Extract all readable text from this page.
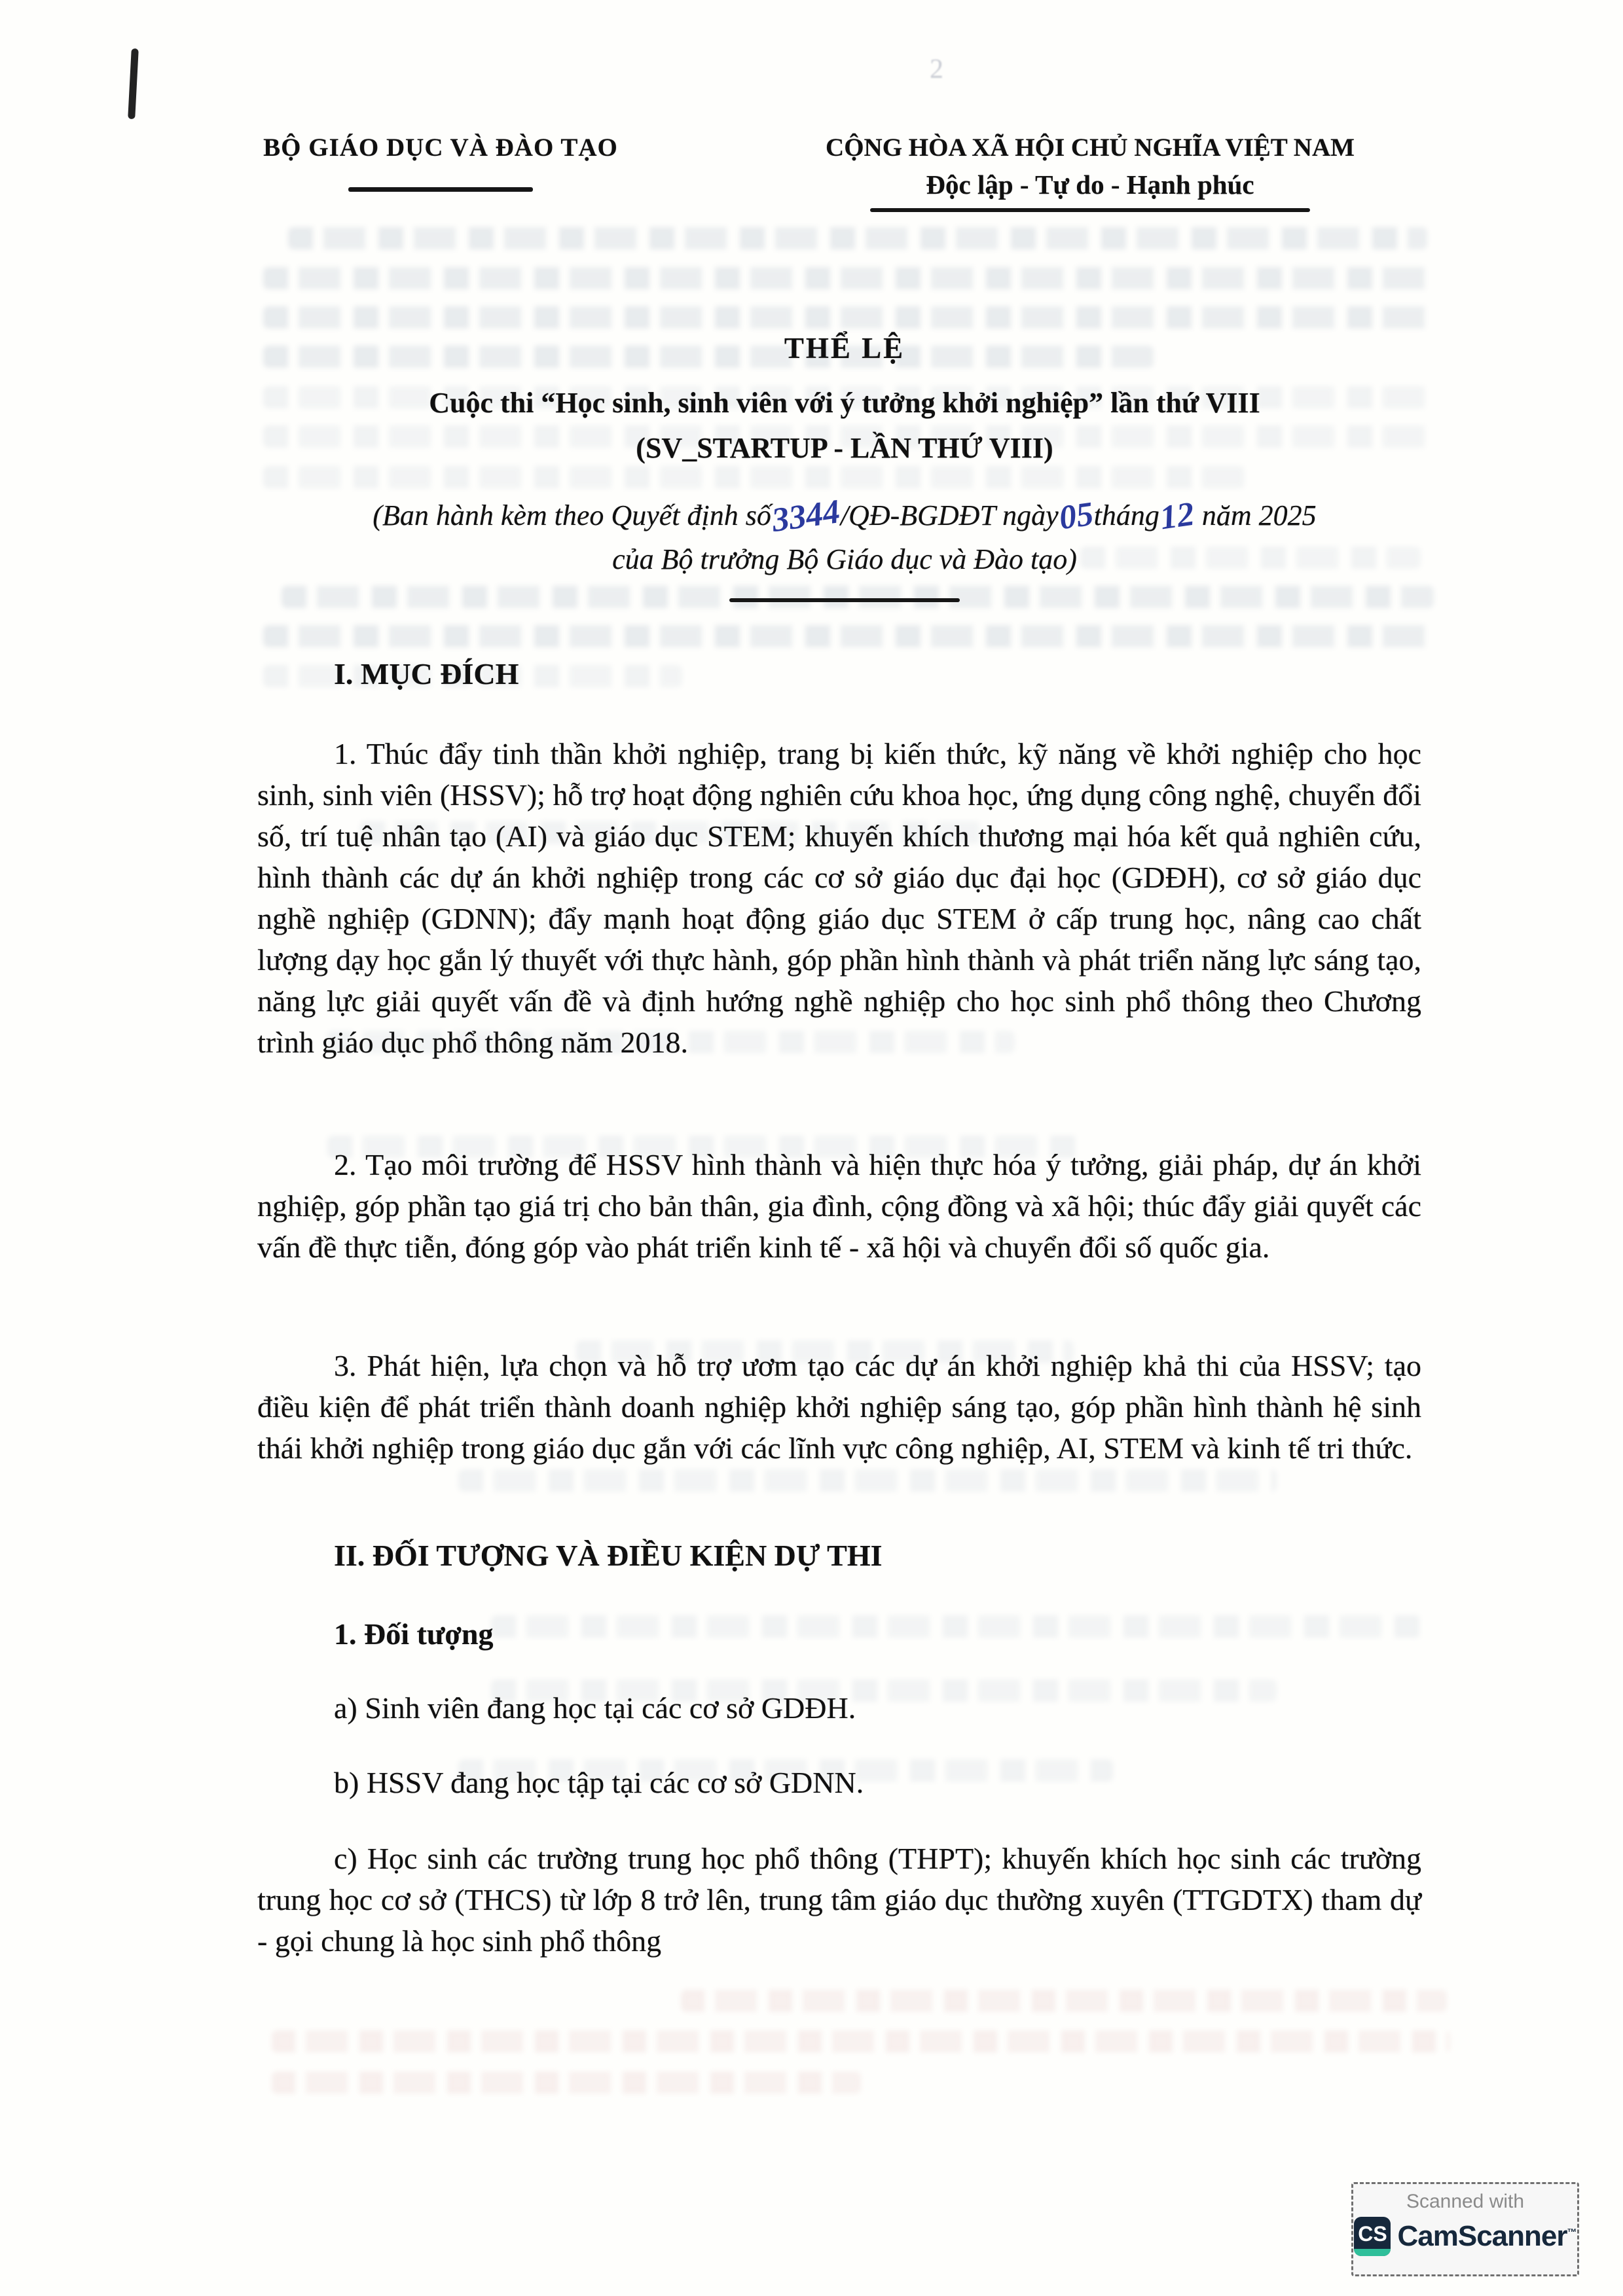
2
BỘ GIÁO DỤC VÀ ĐÀO TẠO	CỘNG HÒA XÃ HỘI CHỦ NGHĨA VIỆT NAM
Độc lập - Tự do - Hạnh phúc
THỂ LỆ
Cuộc thi “Học sinh, sinh viên với ý tưởng khởi nghiệp” lần thứ VIII
(SV_STARTUP - LẦN THỨ VIII)
(Ban hành kèm theo Quyết định số3344/QĐ-BGDĐT ngày05tháng12 năm 2025
của Bộ trưởng Bộ Giáo dục và Đào tạo)
I. MỤC ĐÍCH

1. Thúc đẩy tinh thần khởi nghiệp, trang bị kiến thức, kỹ năng về khởi nghiệp cho học sinh, sinh viên (HSSV); hỗ trợ hoạt động nghiên cứu khoa học, ứng dụng công nghệ, chuyển đổi số, trí tuệ nhân tạo (AI) và giáo dục STEM; khuyến khích thương mại hóa kết quả nghiên cứu, hình thành các dự án khởi nghiệp trong các cơ sở giáo dục đại học (GDĐH), cơ sở giáo dục nghề nghiệp (GDNN); đẩy mạnh hoạt động giáo dục STEM ở cấp trung học, nâng cao chất lượng dạy học gắn lý thuyết với thực hành, góp phần hình thành và phát triển năng lực sáng tạo, năng lực giải quyết vấn đề và định hướng nghề nghiệp cho học sinh phổ thông theo Chương trình giáo dục phổ thông năm 2018.

2. Tạo môi trường để HSSV hình thành và hiện thực hóa ý tưởng, giải pháp, dự án khởi nghiệp, góp phần tạo giá trị cho bản thân, gia đình, cộng đồng và xã hội; thúc đẩy giải quyết các vấn đề thực tiễn, đóng góp vào phát triển kinh tế - xã hội và chuyển đổi số quốc gia.

3. Phát hiện, lựa chọn và hỗ trợ ươm tạo các dự án khởi nghiệp khả thi của HSSV; tạo điều kiện để phát triển thành doanh nghiệp khởi nghiệp sáng tạo, góp phần hình thành hệ sinh thái khởi nghiệp trong giáo dục gắn với các lĩnh vực công nghiệp, AI, STEM và kinh tế tri thức.

II. ĐỐI TƯỢNG VÀ ĐIỀU KIỆN DỰ THI
1. Đối tượng

a) Sinh viên đang học tại các cơ sở GDĐH.

b) HSSV đang học tập tại các cơ sở GDNN.

c) Học sinh các trường trung học phổ thông (THPT); khuyến khích học sinh các trường trung học cơ sở (THCS) từ lớp 8 trở lên, trung tâm giáo dục thường xuyên (TTGDTX) tham dự - gọi chung là học sinh phổ thông

Scanned with
CS CamScanner™
